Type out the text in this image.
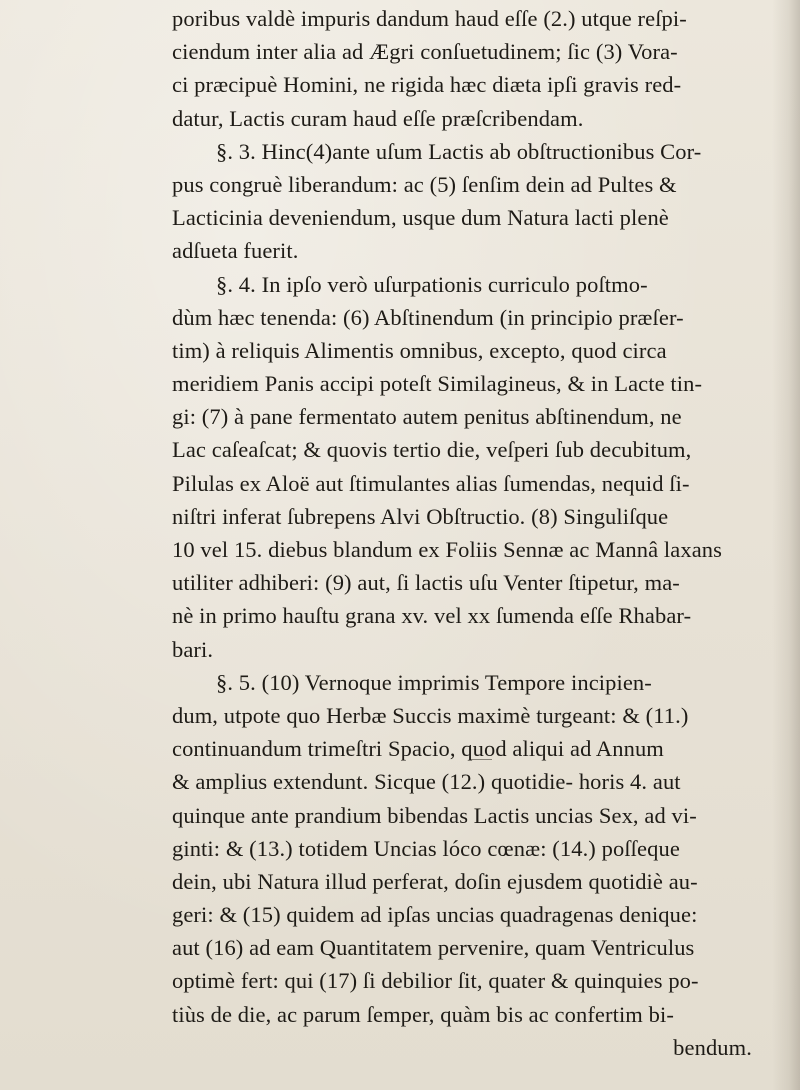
poribus valdè impuris dandum haud eſſe (2.) utque reſpi-
ciendum inter alia ad Ægri conſuetudinem; ſic (3) Vora-
ci præcipuè Homini, ne rigida hæc diæta ipſi gravis red-
datur, Lactis curam haud eſſe præſcribendam.
§. 3. Hinc(4)ante uſum Lactis ab obſtructionibus Cor-
pus congruè liberandum: ac (5) ſenſim dein ad Pultes &
Lacticinia deveniendum, usque dum Natura lacti plenè
adſueta fuerit.
§. 4. In ipſo verò uſurpationis curriculo poſtmo-
dùm hæc tenenda: (6) Abſtinendum (in principio præſer-
tim) à reliquis Alimentis omnibus, excepto, quod circa
meridiem Panis accipi poteſt Similagineus, & in Lacte tin-
gi: (7) à pane fermentato autem penitus abſtinendum, ne
Lac caſeaſcat; & quovis tertio die, veſperi ſub decubitum,
Pilulas ex Aloë aut ſtimulantes alias ſumendas, nequid ſi-
niſtri inferat ſubrepens Alvi Obſtructio. (8) Singuliſque
10 vel 15. diebus blandum ex Foliis Sennæ ac Mannâ laxans
utiliter adhiberi: (9) aut, ſi lactis uſu Venter ſtipetur, ma-
nè in primo hauſtu grana xv. vel xx ſumenda eſſe Rhabar-
bari.
§. 5. (10) Vernoque imprimis Tempore incipien-
dum, utpote quo Herbæ Succis maximè turgeant: & (11.)
continuandum trimeſtri Spacio, quod aliqui ad Annum
& amplius extendunt. Sicque (12.) quotidie- horis 4. aut
quinque ante prandium bibendas Lactis uncias Sex, ad vi-
ginti: & (13.) totidem Uncias lóco cœnæ: (14.) poſſeque
dein, ubi Natura illud perferat, doſin ejusdem quotidiè au-
geri: & (15) quidem ad ipſas uncias quadragenas denique:
aut (16) ad eam Quantitatem pervenire, quam Ventriculus
optimè fert: qui (17) ſi debilior ſit, quater & quinquies po-
tiùs de die, ac parum ſemper, quàm bis ac confertim bi-
bendum.
